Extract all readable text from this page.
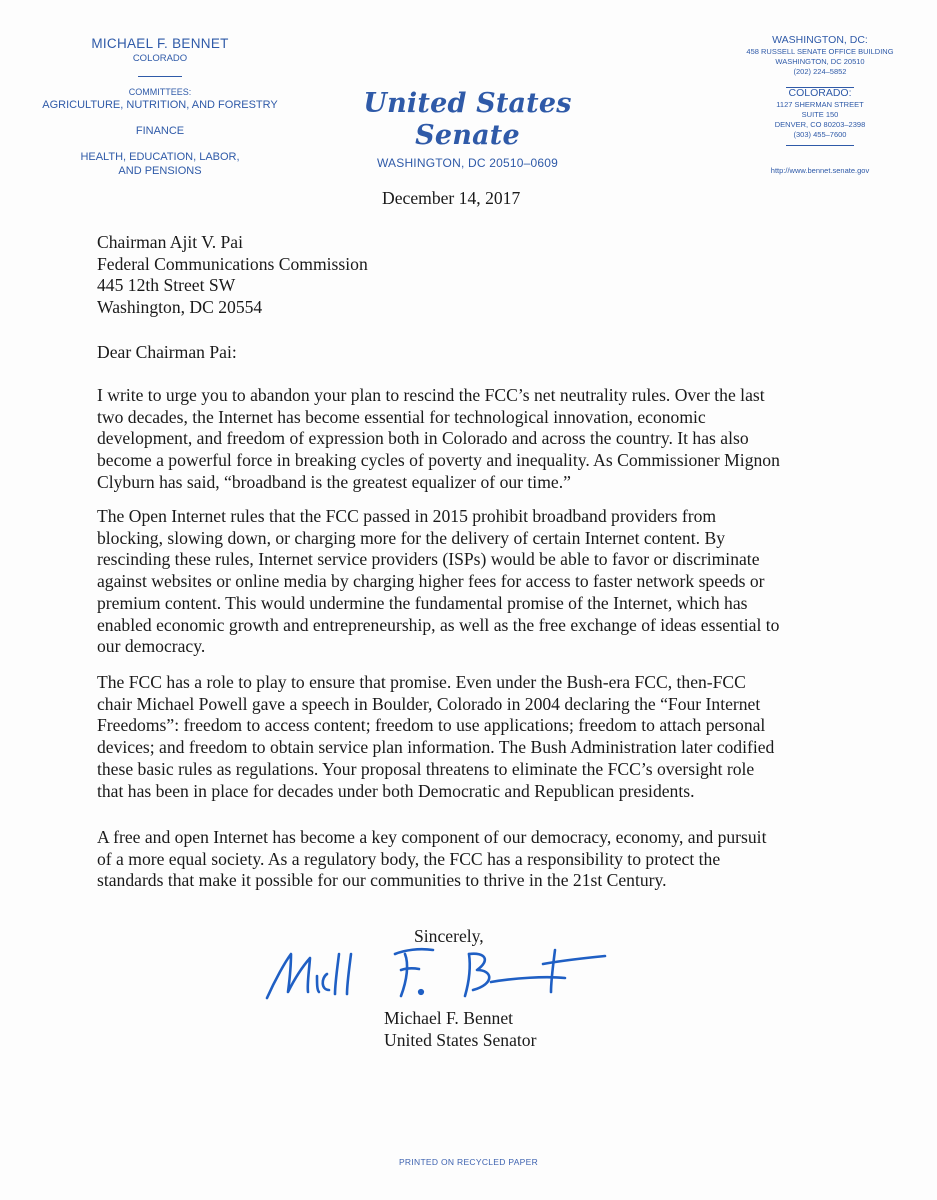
MICHAEL F. BENNET
COLORADO
COMMITTEES:
AGRICULTURE, NUTRITION, AND FORESTRY
FINANCE
HEALTH, EDUCATION, LABOR,
AND PENSIONS
United States Senate
WASHINGTON, DC 20510–0609
WASHINGTON, DC:
458 RUSSELL SENATE OFFICE BUILDING
WASHINGTON, DC 20510
(202) 224–5852
COLORADO:
1127 SHERMAN STREET
SUITE 150
DENVER, CO 80203–2398
(303) 455–7600
http://www.bennet.senate.gov
December 14, 2017
Chairman Ajit V. Pai
Federal Communications Commission
445 12th Street SW
Washington, DC 20554
Dear Chairman Pai:
I write to urge you to abandon your plan to rescind the FCC’s net neutrality rules. Over the last
two decades, the Internet has become essential for technological innovation, economic
development, and freedom of expression both in Colorado and across the country. It has also
become a powerful force in breaking cycles of poverty and inequality. As Commissioner Mignon
Clyburn has said, “broadband is the greatest equalizer of our time.”
The Open Internet rules that the FCC passed in 2015 prohibit broadband providers from
blocking, slowing down, or charging more for the delivery of certain Internet content. By
rescinding these rules, Internet service providers (ISPs) would be able to favor or discriminate
against websites or online media by charging higher fees for access to faster network speeds or
premium content. This would undermine the fundamental promise of the Internet, which has
enabled economic growth and entrepreneurship, as well as the free exchange of ideas essential to
our democracy.
The FCC has a role to play to ensure that promise. Even under the Bush-era FCC, then-FCC
chair Michael Powell gave a speech in Boulder, Colorado in 2004 declaring the “Four Internet
Freedoms”: freedom to access content; freedom to use applications; freedom to attach personal
devices; and freedom to obtain service plan information. The Bush Administration later codified
these basic rules as regulations. Your proposal threatens to eliminate the FCC’s oversight role
that has been in place for decades under both Democratic and Republican presidents.
A free and open Internet has become a key component of our democracy, economy, and pursuit
of a more equal society. As a regulatory body, the FCC has a responsibility to protect the
standards that make it possible for our communities to thrive in the 21st Century.
Sincerely,
Michael F. Bennet
United States Senator
PRINTED ON RECYCLED PAPER
